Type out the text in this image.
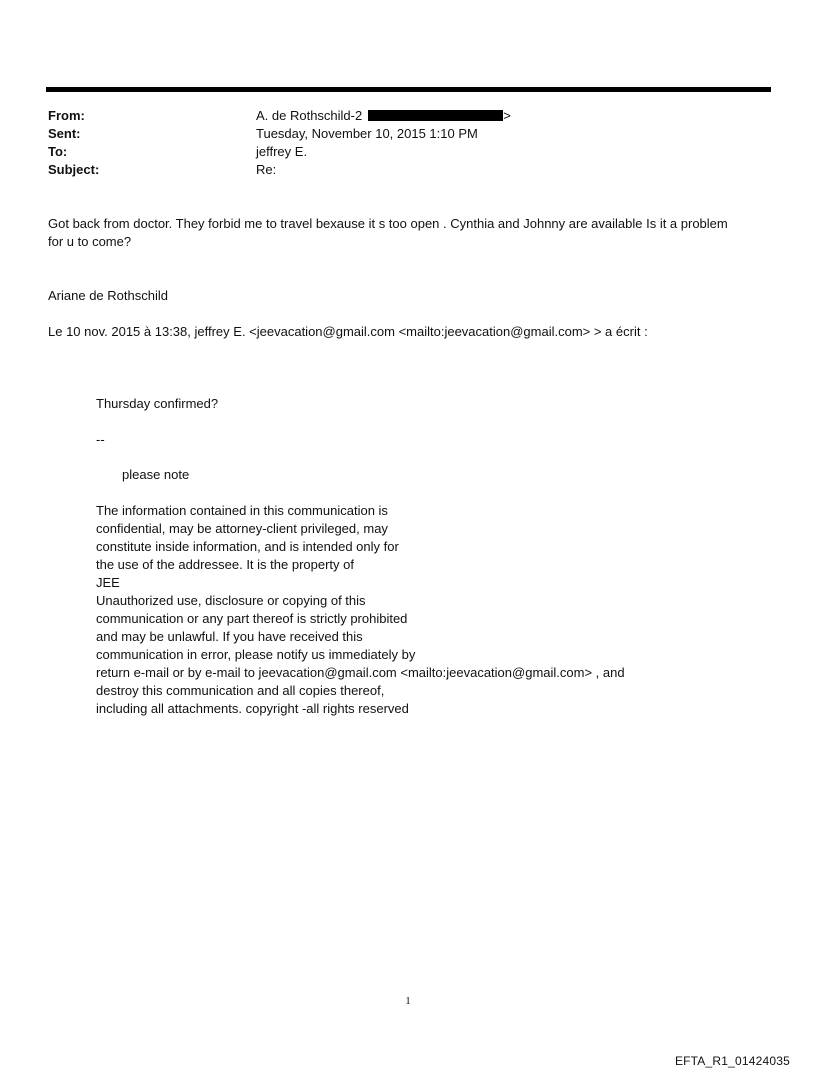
From:	A. de Rothschild-2	>
Sent:	Tuesday, November 10, 2015 1:10 PM
To:	jeffrey E.
Subject:	Re:
Got back from doctor. They forbid me to travel bexause it s too open . Cynthia and Johnny are available Is it a problem
for u to come?
Ariane de Rothschild
Le 10 nov. 2015 à 13:38, jeffrey E. <jeevacation@gmail.com <mailto:jeevacation@gmail.com> > a écrit :
Thursday confirmed?
--
please note
The information contained in this communication is
confidential, may be attorney-client privileged, may
constitute inside information, and is intended only for
the use of the addressee. It is the property of
JEE
Unauthorized use, disclosure or copying of this
communication or any part thereof is strictly prohibited
and may be unlawful. If you have received this
communication in error, please notify us immediately by
return e-mail or by e-mail to jeevacation@gmail.com <mailto:jeevacation@gmail.com> , and
destroy this communication and all copies thereof,
including all attachments. copyright -all rights reserved
1
EFTA_R1_01424035
